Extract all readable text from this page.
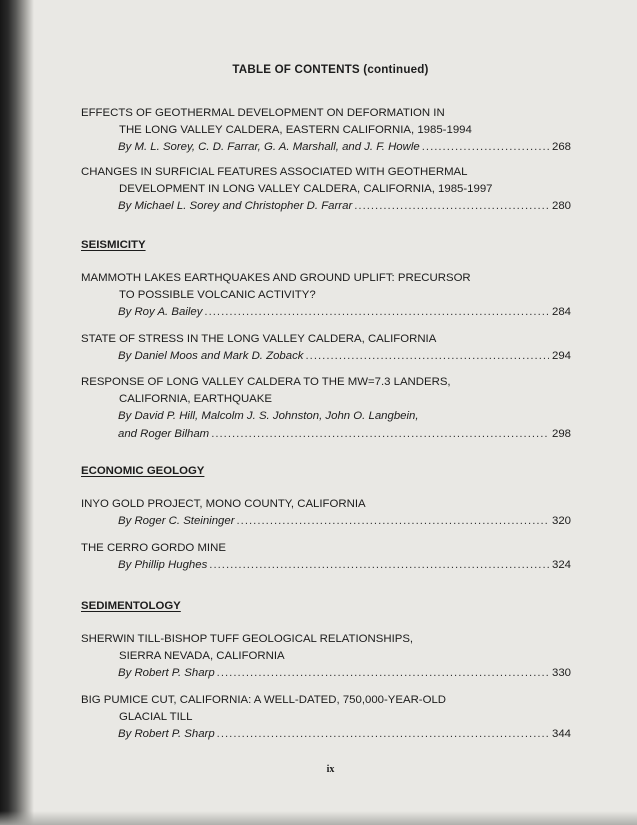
TABLE OF CONTENTS (continued)
EFFECTS OF GEOTHERMAL DEVELOPMENT ON DEFORMATION IN
THE LONG VALLEY CALDERA, EASTERN CALIFORNIA, 1985-1994
By M. L. Sorey, C. D. Farrar, G. A. Marshall, and J. F. Howle .....	268
CHANGES IN SURFICIAL FEATURES ASSOCIATED WITH GEOTHERMAL
DEVELOPMENT IN LONG VALLEY CALDERA, CALIFORNIA, 1985-1997
By Michael L. Sorey and Christopher D. Farrar .....	280
SEISMICITY
MAMMOTH LAKES EARTHQUAKES AND GROUND UPLIFT: PRECURSOR
TO POSSIBLE VOLCANIC ACTIVITY?
By Roy A. Bailey .....	284
STATE OF STRESS IN THE LONG VALLEY CALDERA, CALIFORNIA
By Daniel Moos and Mark D. Zoback .....	294
RESPONSE OF LONG VALLEY CALDERA TO THE MW=7.3 LANDERS,
CALIFORNIA, EARTHQUAKE
By David P. Hill, Malcolm J. S. Johnston, John O. Langbein,
and Roger Bilham .....	298
ECONOMIC GEOLOGY
INYO GOLD PROJECT, MONO COUNTY, CALIFORNIA
By Roger C. Steininger .....	320
THE CERRO GORDO MINE
By Phillip Hughes .....	324
SEDIMENTOLOGY
SHERWIN TILL-BISHOP TUFF GEOLOGICAL RELATIONSHIPS,
SIERRA NEVADA, CALIFORNIA
By Robert P. Sharp .....	330
BIG PUMICE CUT, CALIFORNIA: A WELL-DATED, 750,000-YEAR-OLD
GLACIAL TILL
By Robert P. Sharp .....	344
ix
